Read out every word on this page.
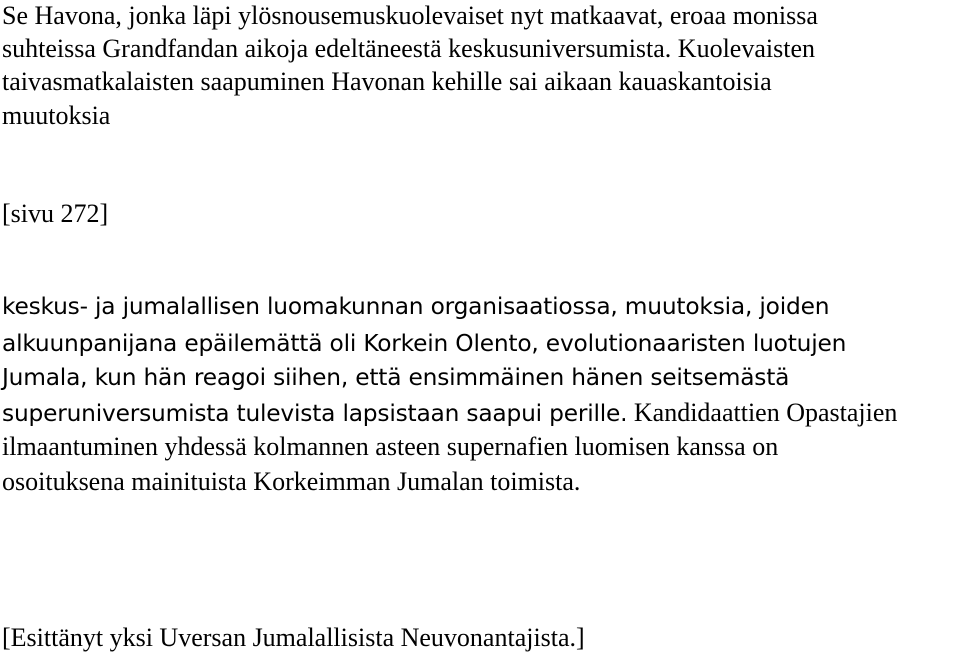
Se Havona, jonka läpi ylösnousemuskuolevaiset nyt matkaavat, eroaa monissa

suhteissa Grandfandan aikoja edeltäneestä keskusuniversumista. Kuolevaisten

taivasmatkalaisten saapuminen Havonan kehille sai aikaan kauaskantoisia

muutoksia

[sivu 272]

keskus- ja jumalallisen luomakunnan organisaatiossa, muutoksia, joiden

alkuunpanijana epäilemättä oli Korkein Olento, evolutionaaristen luotujen

Jumala, kun hän reagoi siihen, että ensimmäinen hänen seitsemästä

superuniversumista tulevista lapsistaan saapui perille. Kandidaattien Opastajien

ilmaantuminen yhdessä kolmannen asteen supernafien luomisen kanssa on

osoituksena mainituista Korkeimman Jumalan toimista.

[Esittänyt yksi Uversan Jumalallisista Neuvonantajista.]
